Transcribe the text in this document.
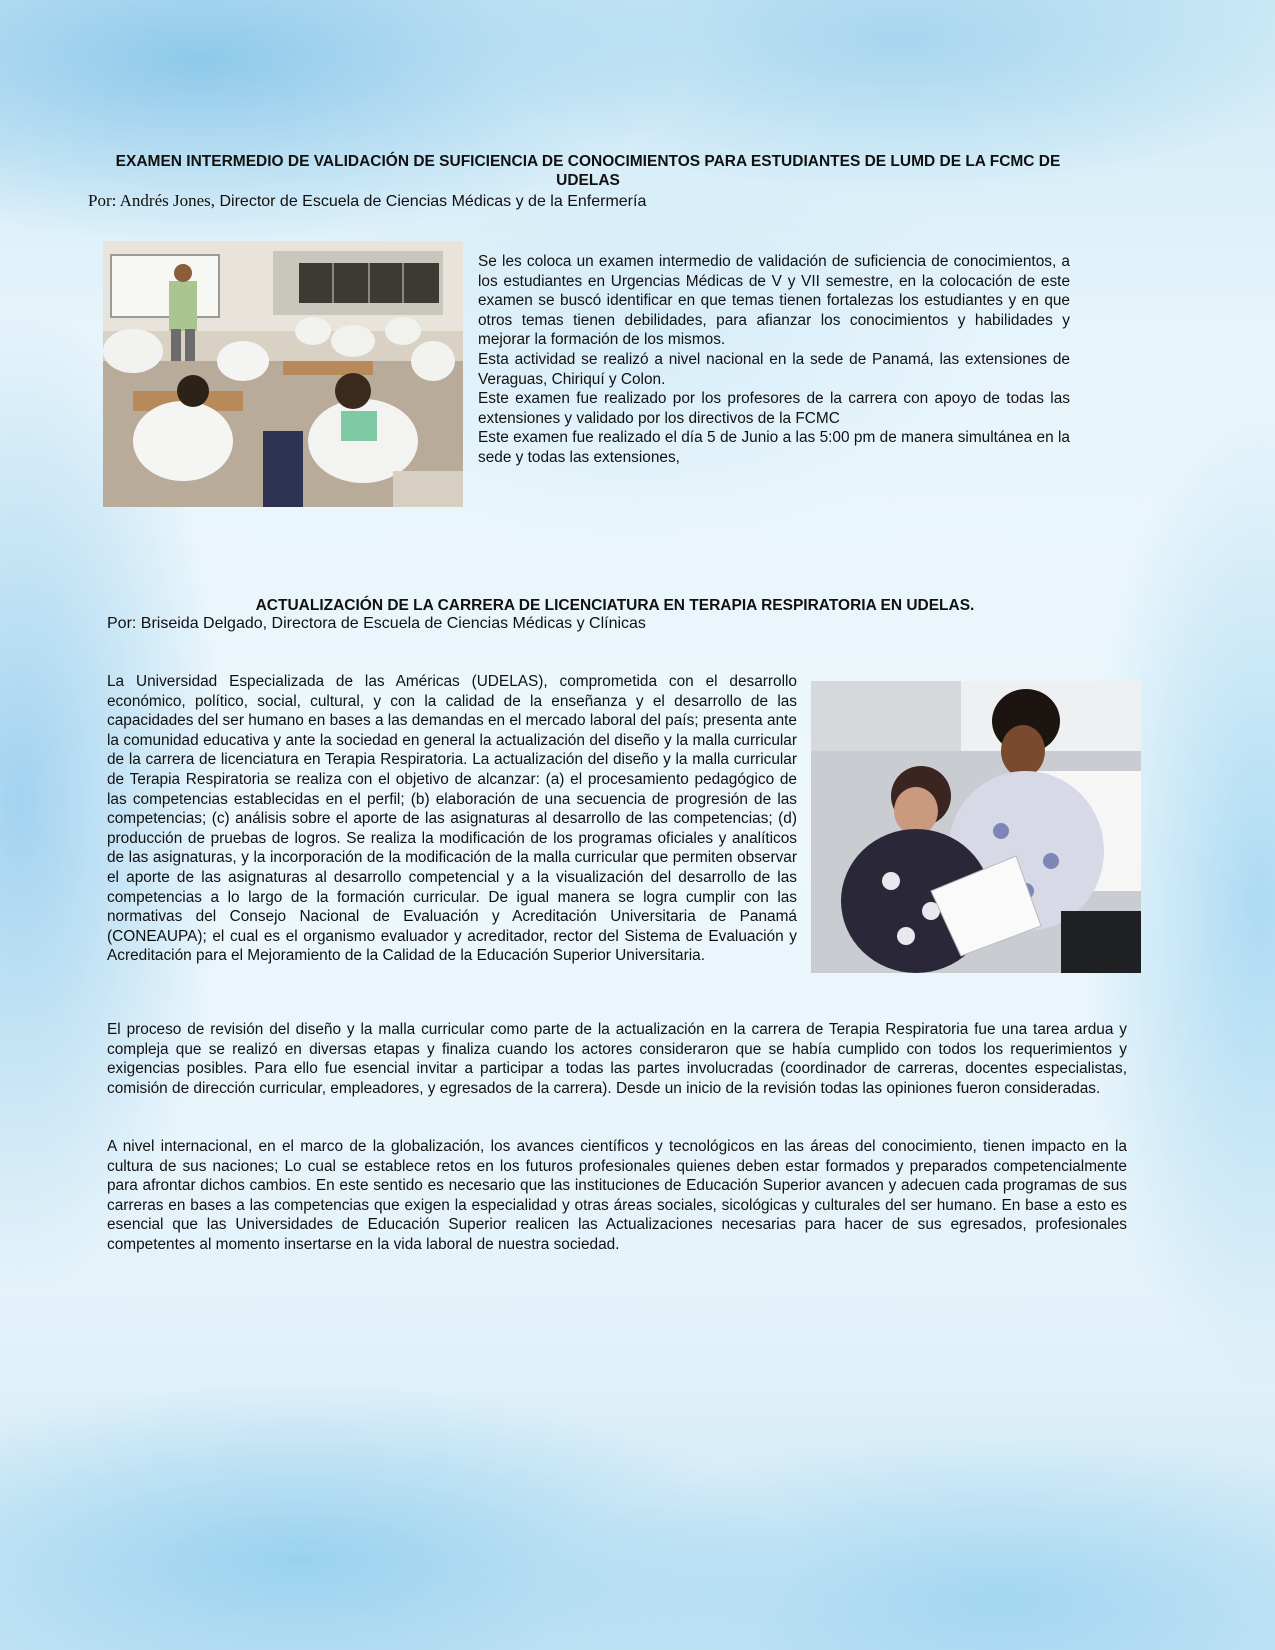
EXAMEN INTERMEDIO DE VALIDACIÓN DE SUFICIENCIA DE CONOCIMIENTOS PARA ESTUDIANTES DE LUMD DE LA FCMC DE UDELAS
Por: Andrés Jones, Director de Escuela de Ciencias Médicas y de la Enfermería

Se les coloca un examen intermedio de validación de suficiencia de conocimientos, a los estudiantes en Urgencias Médicas de V y VII semestre, en la colocación de este examen se buscó identificar en que temas tienen fortalezas los estudiantes y en que otros temas tienen debilidades, para afianzar los conocimientos y habilidades y mejorar la formación de los mismos.

Esta actividad se realizó a nivel nacional en la sede de Panamá, las extensiones de Veraguas, Chiriquí y Colon.

Este examen fue realizado por los profesores de la carrera con apoyo de todas las extensiones y validado por los directivos de la FCMC

Este examen fue realizado el día 5 de Junio a las 5:00 pm de manera simultánea en la sede y todas las extensiones,

ACTUALIZACIÓN DE LA CARRERA DE LICENCIATURA EN TERAPIA RESPIRATORIA EN UDELAS.
Por: Briseida Delgado, Directora de Escuela de Ciencias Médicas y Clínicas
La Universidad Especializada de las Américas (UDELAS), comprometida con el desarrollo económico, político, social, cultural, y con la calidad de la enseñanza y el desarrollo de las capacidades del ser humano en bases a las demandas en el mercado laboral del país; presenta ante la comunidad educativa y ante la sociedad en general la actualización del diseño y la malla curricular de la carrera de licenciatura en Terapia Respiratoria. La actualización del diseño y la malla curricular de Terapia Respiratoria se realiza con el objetivo de alcanzar: (a) el procesamiento pedagógico de las competencias establecidas en el perfil; (b) elaboración de una secuencia de progresión de las competencias; (c) análisis sobre el aporte de las asignaturas al desarrollo de las competencias; (d) producción de pruebas de logros. Se realiza la modificación de los programas oficiales y analíticos de las asignaturas, y la incorporación de la modificación de la malla curricular que permiten observar el aporte de las asignaturas al desarrollo competencial y a la visualización del desarrollo de las competencias a lo largo de la formación curricular. De igual manera se logra cumplir con las normativas del Consejo Nacional de Evaluación y Acreditación Universitaria de Panamá (CONEAUPA); el cual es el organismo evaluador y acreditador, rector del Sistema de Evaluación y Acreditación para el Mejoramiento de la Calidad de la Educación Superior Universitaria.
El proceso de revisión del diseño y la malla curricular como parte de la actualización en la carrera de Terapia Respiratoria fue una tarea ardua y compleja que se realizó en diversas etapas y finaliza cuando los actores consideraron que se había cumplido con todos los requerimientos y exigencias posibles. Para ello fue esencial invitar a participar a todas las partes involucradas (coordinador de carreras, docentes especialistas, comisión de dirección curricular, empleadores, y egresados de la carrera). Desde un inicio de la revisión todas las opiniones fueron consideradas.
A nivel internacional, en el marco de la globalización, los avances científicos y tecnológicos en las áreas del conocimiento, tienen impacto en la cultura de sus naciones; Lo cual se establece retos en los futuros profesionales quienes deben estar formados y preparados competencialmente para afrontar dichos cambios. En este sentido es necesario que las instituciones de Educación Superior avancen y adecuen cada programas de sus carreras en bases a las competencias que exigen la especialidad y otras áreas sociales, sicológicas y culturales del ser humano. En base a esto es esencial que las Universidades de Educación Superior realicen las Actualizaciones necesarias para hacer de sus egresados, profesionales competentes al momento insertarse en la vida laboral de nuestra sociedad.
